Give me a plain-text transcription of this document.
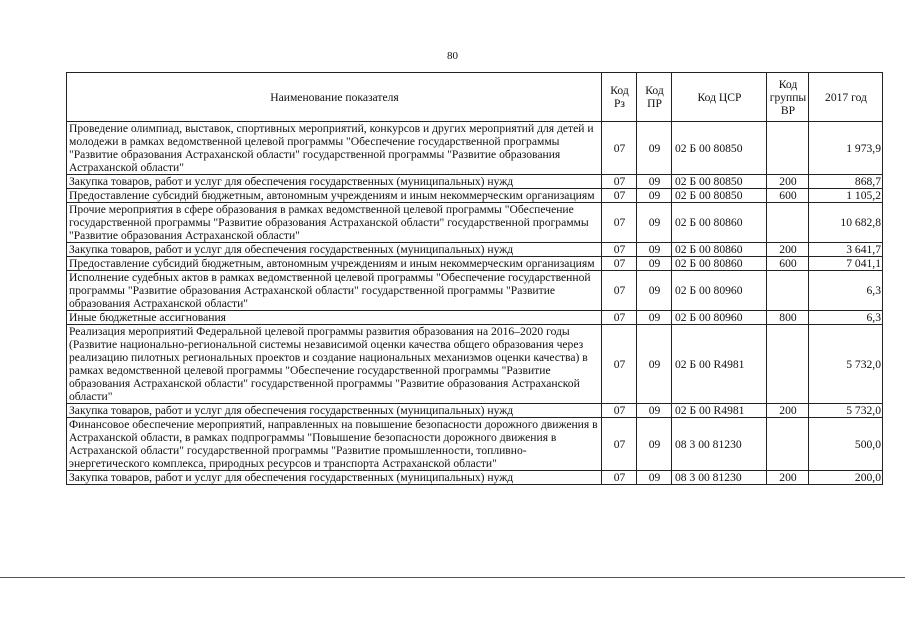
80
Наименование показателя	Код Рз	Код ПР	Код ЦСР	Код группы ВР	2017 год
Проведение олимпиад, выставок, спортивных мероприятий, конкурсов и других мероприятий для детей и молодежи в рамках ведомственной целевой программы "Обеспечение государственной программы "Развитие образования Астраханской области" государственной программы "Развитие образования Астраханской области"	07	09	02 Б 00 80850		1 973,9
Закупка товаров, работ и услуг для обеспечения государственных (муниципальных) нужд	07	09	02 Б 00 80850	200	868,7
Предоставление субсидий бюджетным, автономным учреждениям и иным некоммерческим организациям	07	09	02 Б 00 80850	600	1 105,2
Прочие мероприятия в сфере образования в рамках ведомственной целевой программы "Обеспечение государственной программы "Развитие образования Астраханской области" государственной программы "Развитие образования Астраханской области"	07	09	02 Б 00 80860		10 682,8
Закупка товаров, работ и услуг для обеспечения государственных (муниципальных) нужд	07	09	02 Б 00 80860	200	3 641,7
Предоставление субсидий бюджетным, автономным учреждениям и иным некоммерческим организациям	07	09	02 Б 00 80860	600	7 041,1
Исполнение судебных актов в рамках ведомственной целевой программы "Обеспечение государственной программы "Развитие образования Астраханской области" государственной программы "Развитие образования Астраханской области"	07	09	02 Б 00 80960		6,3
Иные бюджетные ассигнования	07	09	02 Б 00 80960	800	6,3
Реализация мероприятий Федеральной целевой программы развития образования на 2016–2020 годы (Развитие национально-региональной системы независимой оценки качества общего образования через реализацию пилотных региональных проектов и создание национальных механизмов оценки качества) в рамках ведомственной целевой программы "Обеспечение государственной программы "Развитие образования Астраханской области" государственной программы "Развитие образования Астраханской области"	07	09	02 Б 00 R4981		5 732,0
Закупка товаров, работ и услуг для обеспечения государственных (муниципальных) нужд	07	09	02 Б 00 R4981	200	5 732,0
Финансовое обеспечение мероприятий, направленных на повышение безопасности дорожного движения в Астраханской области, в рамках подпрограммы "Повышение безопасности дорожного движения в Астраханской области" государственной программы "Развитие промышленности, топливно-энергетического комплекса, природных ресурсов и транспорта Астраханской области"	07	09	08 3 00 81230		500,0
Закупка товаров, работ и услуг для обеспечения государственных (муниципальных) нужд	07	09	08 3 00 81230	200	200,0
